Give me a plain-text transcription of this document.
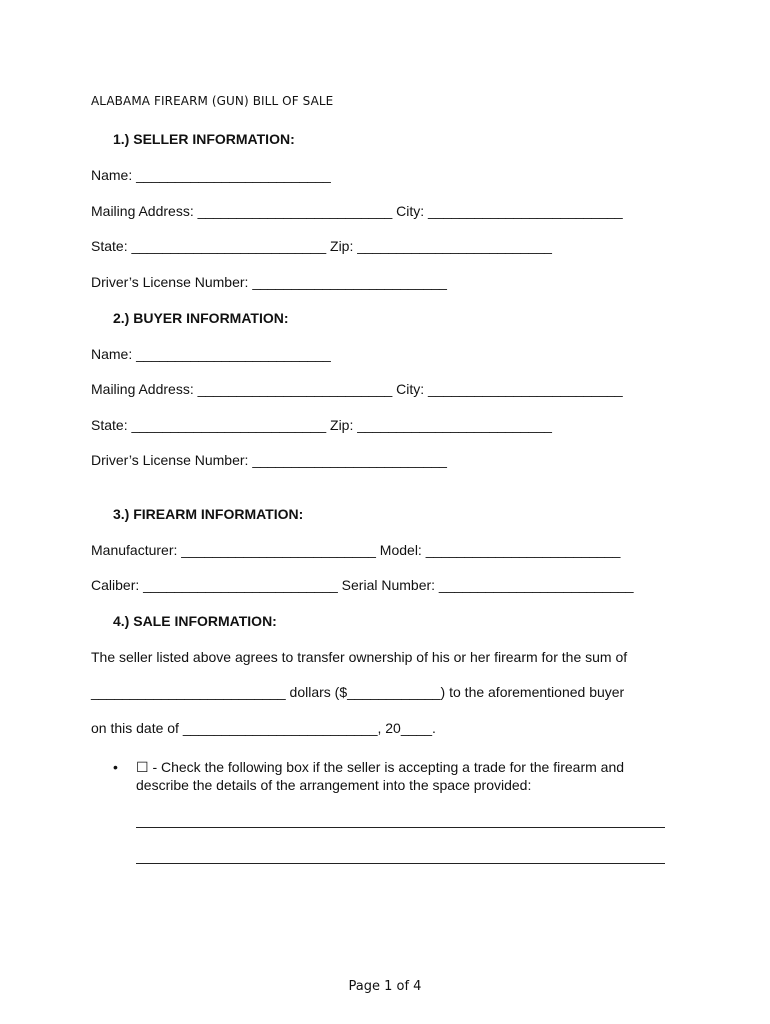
ALABAMA FIREARM (GUN) BILL OF SALE
1.) SELLER INFORMATION:
Name: _________________________
Mailing Address: _________________________ City: _________________________
State: _________________________ Zip: _________________________
Driver’s License Number: _________________________
2.) BUYER INFORMATION:
Name: _________________________
Mailing Address: _________________________ City: _________________________
State: _________________________ Zip: _________________________
Driver’s License Number: _________________________
3.) FIREARM INFORMATION:
Manufacturer: _________________________ Model: _________________________
Caliber: _________________________ Serial Number: _________________________
4.) SALE INFORMATION:
The seller listed above agrees to transfer ownership of his or her firearm for the sum of
_________________________ dollars ($____________) to the aforementioned buyer
on this date of _________________________, 20____.
• ☐ - Check the following box if the seller is accepting a trade for the firearm and describe the details of the arrangement into the space provided:
Page 1 of 4
